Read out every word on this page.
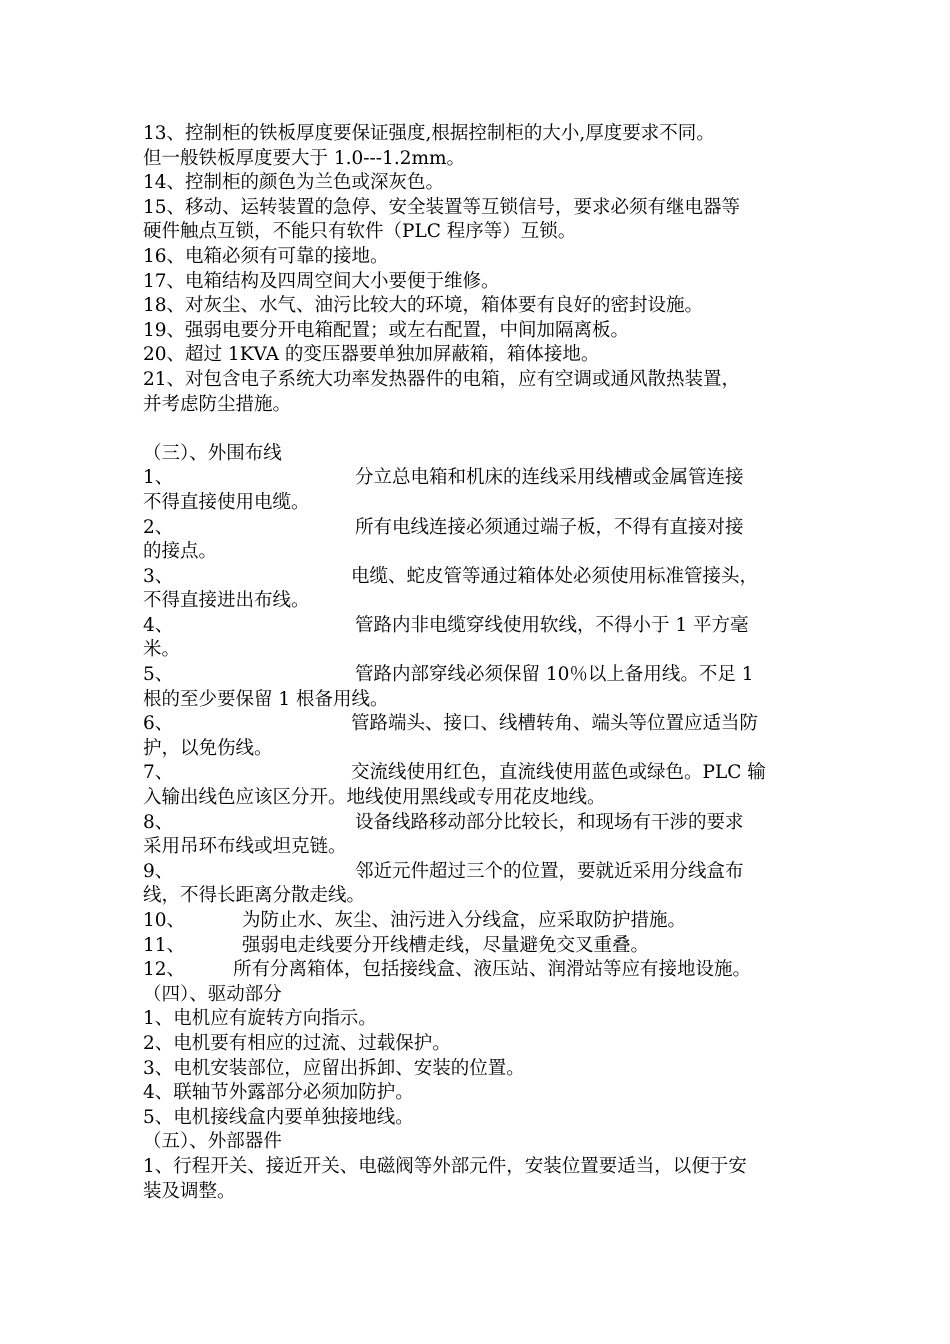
13、控制柜的铁板厚度要保证强度,根据控制柜的大小,厚度要求不同。
但一般铁板厚度要大于 1.0---1.2mm。
14、控制柜的颜色为兰色或深灰色。
15、移动、运转装置的急停、安全装置等互锁信号，要求必须有继电器等
硬件触点互锁，不能只有软件（PLC 程序等）互锁。
16、电箱必须有可靠的接地。
17、电箱结构及四周空间大小要便于维修。
18、对灰尘、水气、油污比较大的环境，箱体要有良好的密封设施。
19、强弱电要分开电箱配置；或左右配置，中间加隔离板。
20、超过 1KVA 的变压器要单独加屏蔽箱，箱体接地。
21、对包含电子系统大功率发热器件的电箱，应有空调或通风散热装置，
并考虑防尘措施。
（三）、外围布线
1、	分立总电箱和机床的连线采用线槽或金属管连接
不得直接使用电缆。
2、	所有电线连接必须通过端子板，不得有直接对接
的接点。
3、	电缆、蛇皮管等通过箱体处必须使用标准管接头，
不得直接进出布线。
4、	管路内非电缆穿线使用软线，不得小于 1 平方毫
米。
5、	管路内部穿线必须保留 10％以上备用线。不足 1
根的至少要保留 1 根备用线。
6、	管路端头、接口、线槽转角、端头等位置应适当防
护，以免伤线。
7、	交流线使用红色，直流线使用蓝色或绿色。PLC 输
入输出线色应该区分开。地线使用黑线或专用花皮地线。
8、	设备线路移动部分比较长，和现场有干涉的要求
采用吊环布线或坦克链。
9、	邻近元件超过三个的位置，要就近采用分线盒布
线，不得长距离分散走线。
10、	为防止水、灰尘、油污进入分线盒，应采取防护措施。
11、	强弱电走线要分开线槽走线，尽量避免交叉重叠。
12、	所有分离箱体，包括接线盒、液压站、润滑站等应有接地设施。
（四）、驱动部分
1、电机应有旋转方向指示。
2、电机要有相应的过流、过载保护。
3、电机安装部位，应留出拆卸、安装的位置。
4、联轴节外露部分必须加防护。
5、电机接线盒内要单独接地线。
（五）、外部器件
1、行程开关、接近开关、电磁阀等外部元件，安装位置要适当，以便于安
装及调整。
